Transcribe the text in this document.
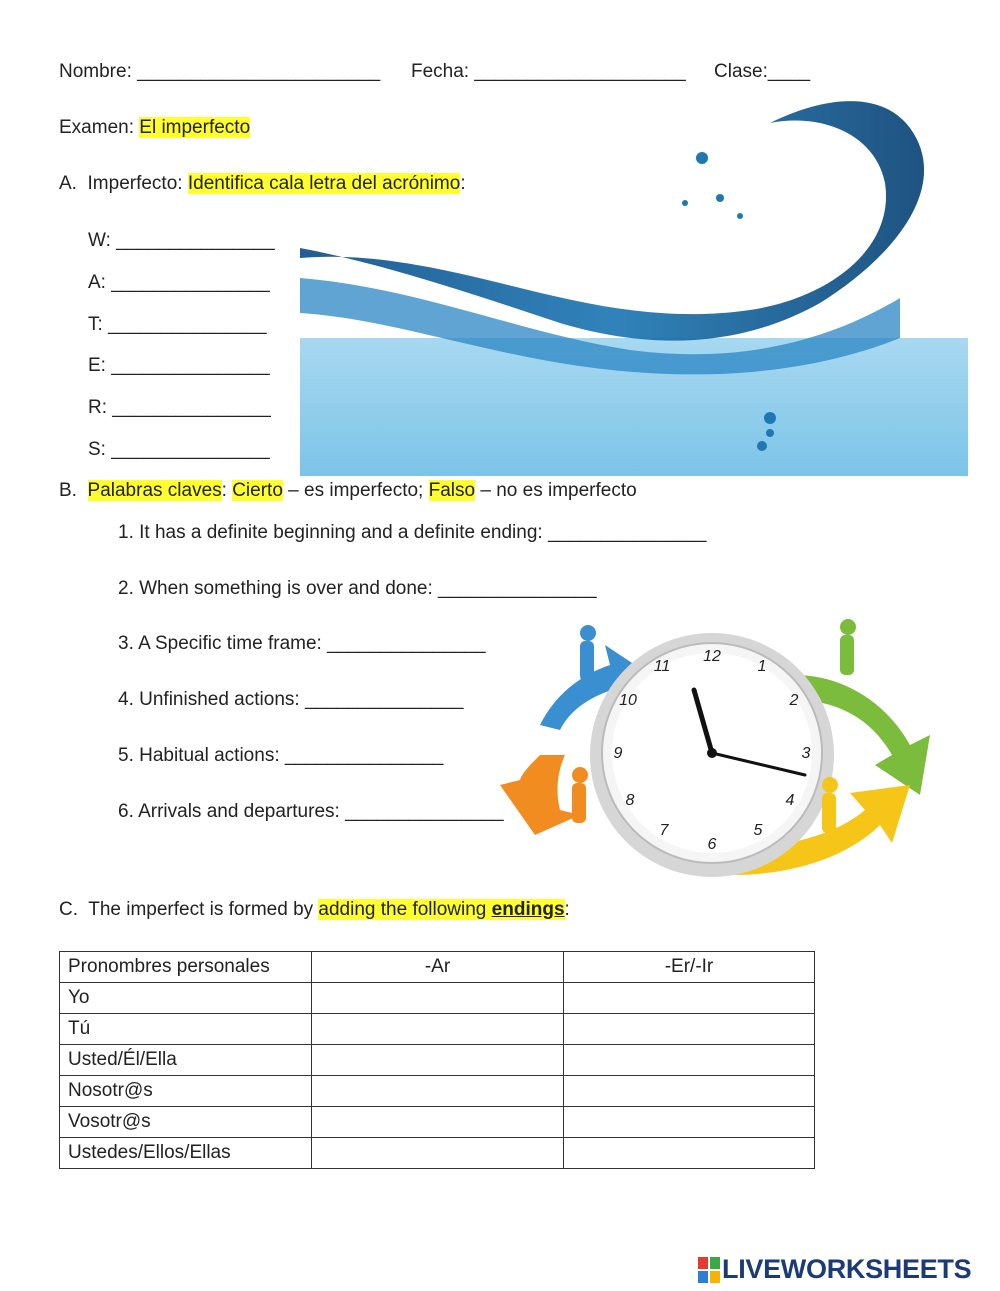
Nombre: _______________________ Fecha: ____________________ Clase:____
Examen: El imperfecto
A. Imperfecto: Identifica cala letra del acrónimo:
W: _______________
A: _______________
T: _______________
E: _______________
R: _______________
S: _______________
B. Palabras claves: Cierto – es imperfecto; Falso – no es imperfecto
1. It has a definite beginning and a definite ending: _______________
2. When something is over and done: _______________
3. A Specific time frame: _______________
4. Unfinished actions: _______________
5. Habitual actions: _______________
6. Arrivals and departures: _______________
1
2
3
4
5
6
7
8
9
10
11
12
C. The imperfect is formed by adding the following endings:
Pronombres personales	-Ar	-Er/-Ir
Yo		
Tú		
Usted/Él/Ella		
Nosotr@s		
Vosotr@s		
Ustedes/Ellos/Ellas		
LIVEWORKSHEETS
